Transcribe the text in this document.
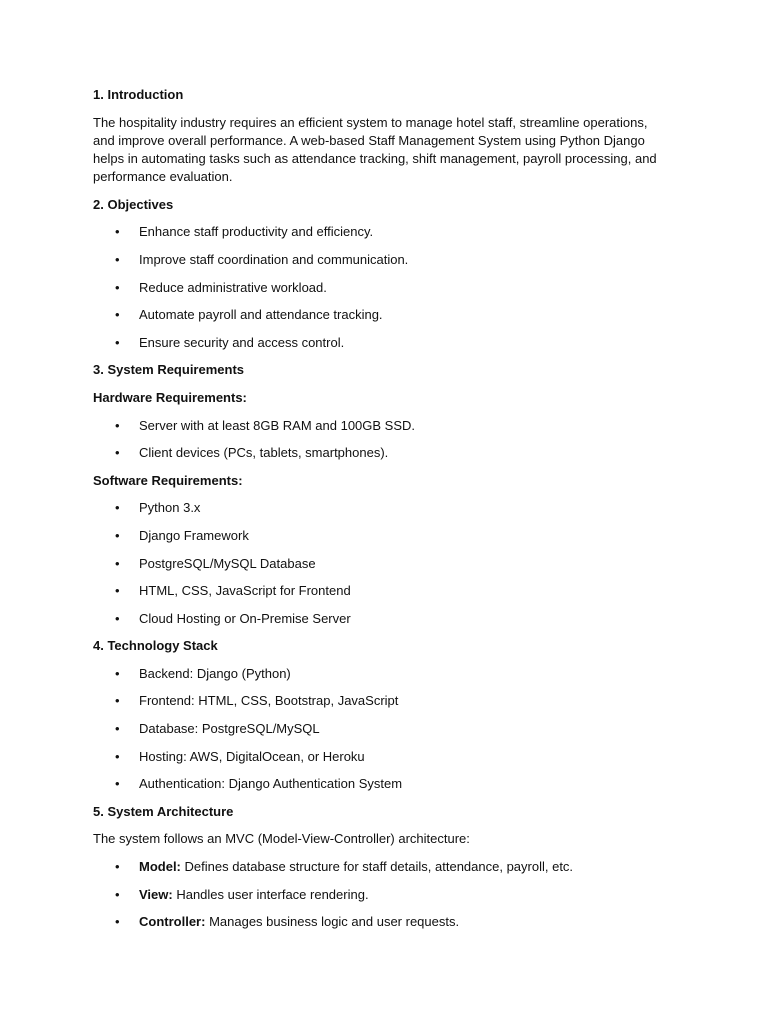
1. Introduction
The hospitality industry requires an efficient system to manage hotel staff, streamline operations, and improve overall performance. A web-based Staff Management System using Python Django helps in automating tasks such as attendance tracking, shift management, payroll processing, and performance evaluation.
2. Objectives
• Enhance staff productivity and efficiency.
• Improve staff coordination and communication.
• Reduce administrative workload.
• Automate payroll and attendance tracking.
• Ensure security and access control.
3. System Requirements
Hardware Requirements:
• Server with at least 8GB RAM and 100GB SSD.
• Client devices (PCs, tablets, smartphones).
Software Requirements:
• Python 3.x
• Django Framework
• PostgreSQL/MySQL Database
• HTML, CSS, JavaScript for Frontend
• Cloud Hosting or On-Premise Server
4. Technology Stack
• Backend: Django (Python)
• Frontend: HTML, CSS, Bootstrap, JavaScript
• Database: PostgreSQL/MySQL
• Hosting: AWS, DigitalOcean, or Heroku
• Authentication: Django Authentication System
5. System Architecture
The system follows an MVC (Model-View-Controller) architecture:
• Model: Defines database structure for staff details, attendance, payroll, etc.
• View: Handles user interface rendering.
• Controller: Manages business logic and user requests.
